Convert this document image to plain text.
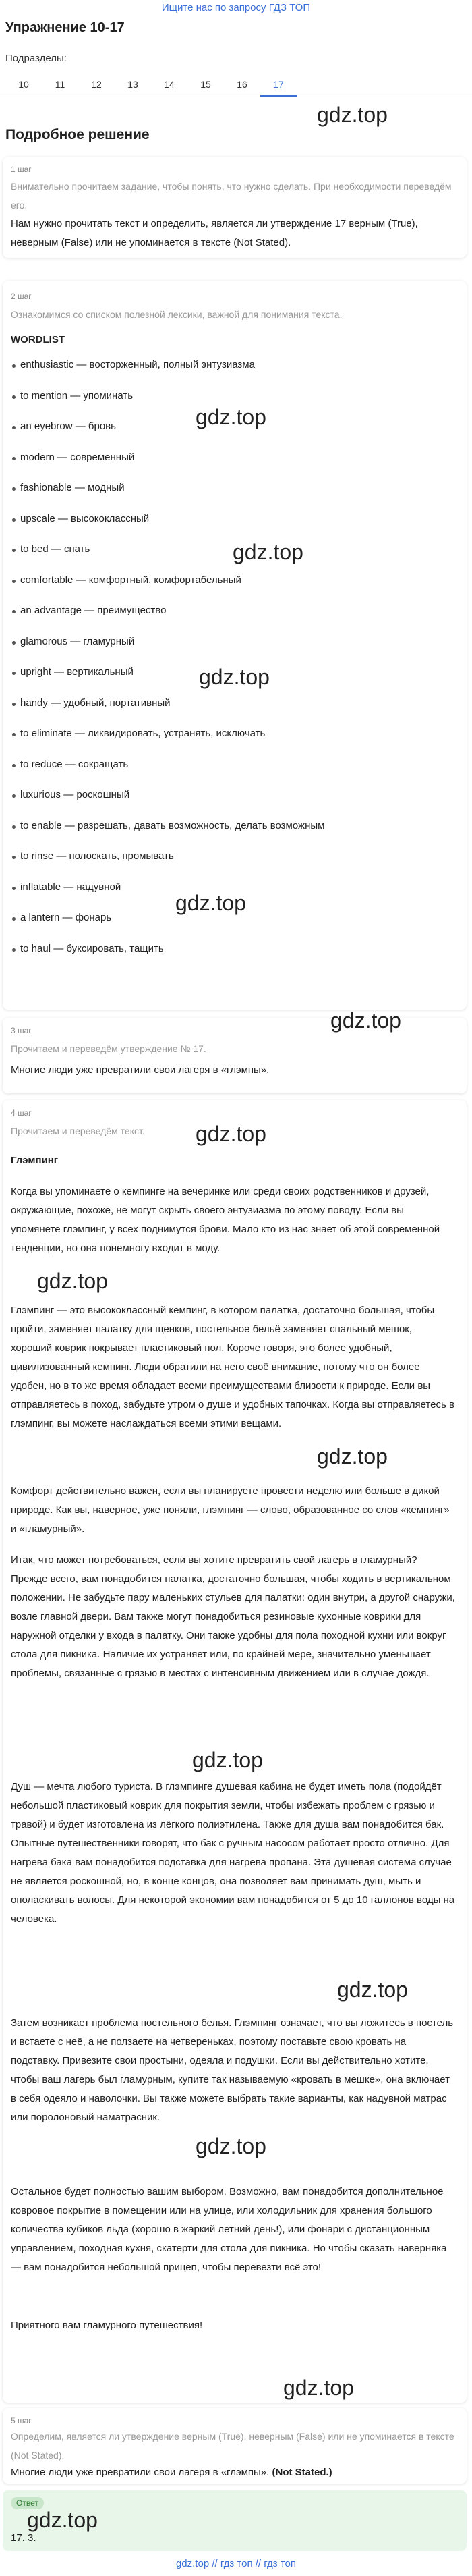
Ищите нас по запросу ГДЗ ТОП
Упражнение 10-17
Подразделы:
10	11	12	13	14	15	16	17
gdz.top
Подробное решение
1 шаг
Внимательно прочитаем задание, чтобы понять, что нужно сделать. При необходимости переведём его.
Нам нужно прочитать текст и определить, является ли утверждение 17 верным (True), неверным (False) или не упоминается в тексте (Not Stated).
2 шаг
Ознакомимся со списком полезной лексики, важной для понимания текста.
WORDLIST
enthusiastic — восторженный, полный энтузиазма
to mention — упоминать
an eyebrow — бровь
modern — современный
fashionable — модный
upscale — высококлассный
to bed — спать
comfortable — комфортный, комфортабельный
an advantage — преимущество
glamorous — гламурный
upright — вертикальный
handy — удобный, портативный
to eliminate — ликвидировать, устранять, исключать
to reduce — сокращать
luxurious — роскошный
to enable — разрешать, давать возможность, делать возможным
to rinse — полоскать, промывать
inflatable — надувной
a lantern — фонарь
to haul — буксировать, тащить
gdz.top
gdz.top
gdz.top
gdz.top
gdz.top
3 шаг
Прочитаем и переведём утверждение № 17.
Многие люди уже превратили свои лагеря в «глэмпы».
4 шаг
Прочитаем и переведём текст.	gdz.top
Глэмпинг
Когда вы упоминаете о кемпинге на вечеринке или среди своих родственников и друзей, окружающие, похоже, не могут скрыть своего энтузиазма по этому поводу. Если вы упомянете глэмпинг, у всех поднимутся брови. Мало кто из нас знает об этой современной тенденции, но она понемногу входит в моду.
gdz.top
Глэмпинг — это высококлассный кемпинг, в котором палатка, достаточно большая, чтобы пройти, заменяет палатку для щенков, постельное бельё заменяет спальный мешок, хороший коврик покрывает пластиковый пол. Короче говоря, это более удобный, цивилизованный кемпинг. Люди обратили на него своё внимание, потому что он более удобен, но в то же время обладает всеми преимуществами близости к природе. Если вы отправляетесь в поход, забудьте утром о душе и удобных тапочках. Когда вы отправляетесь в глэмпинг, вы можете наслаждаться всеми этими вещами.
gdz.top
Комфорт действительно важен, если вы планируете провести неделю или больше в дикой природе. Как вы, наверное, уже поняли, глэмпинг — слово, образованное со слов «кемпинг» и «гламурный».
Итак, что может потребоваться, если вы хотите превратить свой лагерь в гламурный? Прежде всего, вам понадобится палатка, достаточно большая, чтобы ходить в вертикальном положении. Не забудьте пару маленьких стульев для палатки: один внутри, а другой снаружи, возле главной двери. Вам также могут понадобиться резиновые кухонные коврики для наружной отделки у входа в палатку. Они также удобны для пола походной кухни или вокруг стола для пикника. Наличие их устраняет или, по крайней мере, значительно уменьшает проблемы, связанные с грязью в местах с интенсивным движением или в случае дождя.
gdz.top
Душ — мечта любого туриста. В глэмпинге душевая кабина не будет иметь пола (подойдёт небольшой пластиковый коврик для покрытия земли, чтобы избежать проблем с грязью и травой) и будет изготовлена из лёгкого полиэтилена. Также для душа вам понадобится бак. Опытные путешественники говорят, что бак с ручным насосом работает просто отлично. Для нагрева бака вам понадобится подставка для нагрева пропана. Эта душевая система случае не является роскошной, но, в конце концов, она позволяет вам принимать душ, мыть и ополаскивать волосы. Для некоторой экономии вам понадобится от 5 до 10 галлонов воды на человека.
gdz.top
Затем возникает проблема постельного белья. Глэмпинг означает, что вы ложитесь в постель и встаете с неё, а не ползаете на четвереньках, поэтому поставьте свою кровать на подставку. Привезите свои простыни, одеяла и подушки. Если вы действительно хотите, чтобы ваш лагерь был гламурным, купите так называемую «кровать в мешке», она включает в себя одеяло и наволочки. Вы также можете выбрать такие варианты, как надувной матрас или поролоновый наматрасник.
gdz.top
Остальное будет полностью вашим выбором. Возможно, вам понадобится дополнительное ковровое покрытие в помещении или на улице, или холодильник для хранения большого количества кубиков льда (хорошо в жаркий летний день!), или фонари с дистанционным управлением, походная кухня, скатерти для стола для пикника. Но чтобы сказать наверняка — вам понадобится небольшой прицеп, чтобы перевезти всё это!
Приятного вам гламурного путешествия!
gdz.top
5 шаг
Определим, является ли утверждение верным (True), неверным (False) или не упоминается в тексте (Not Stated).
Многие люди уже превратили свои лагеря в «глэмпы». (Not Stated.)
Ответ
gdz.top
17. 3.
gdz.top // гдз топ // гдз топ
